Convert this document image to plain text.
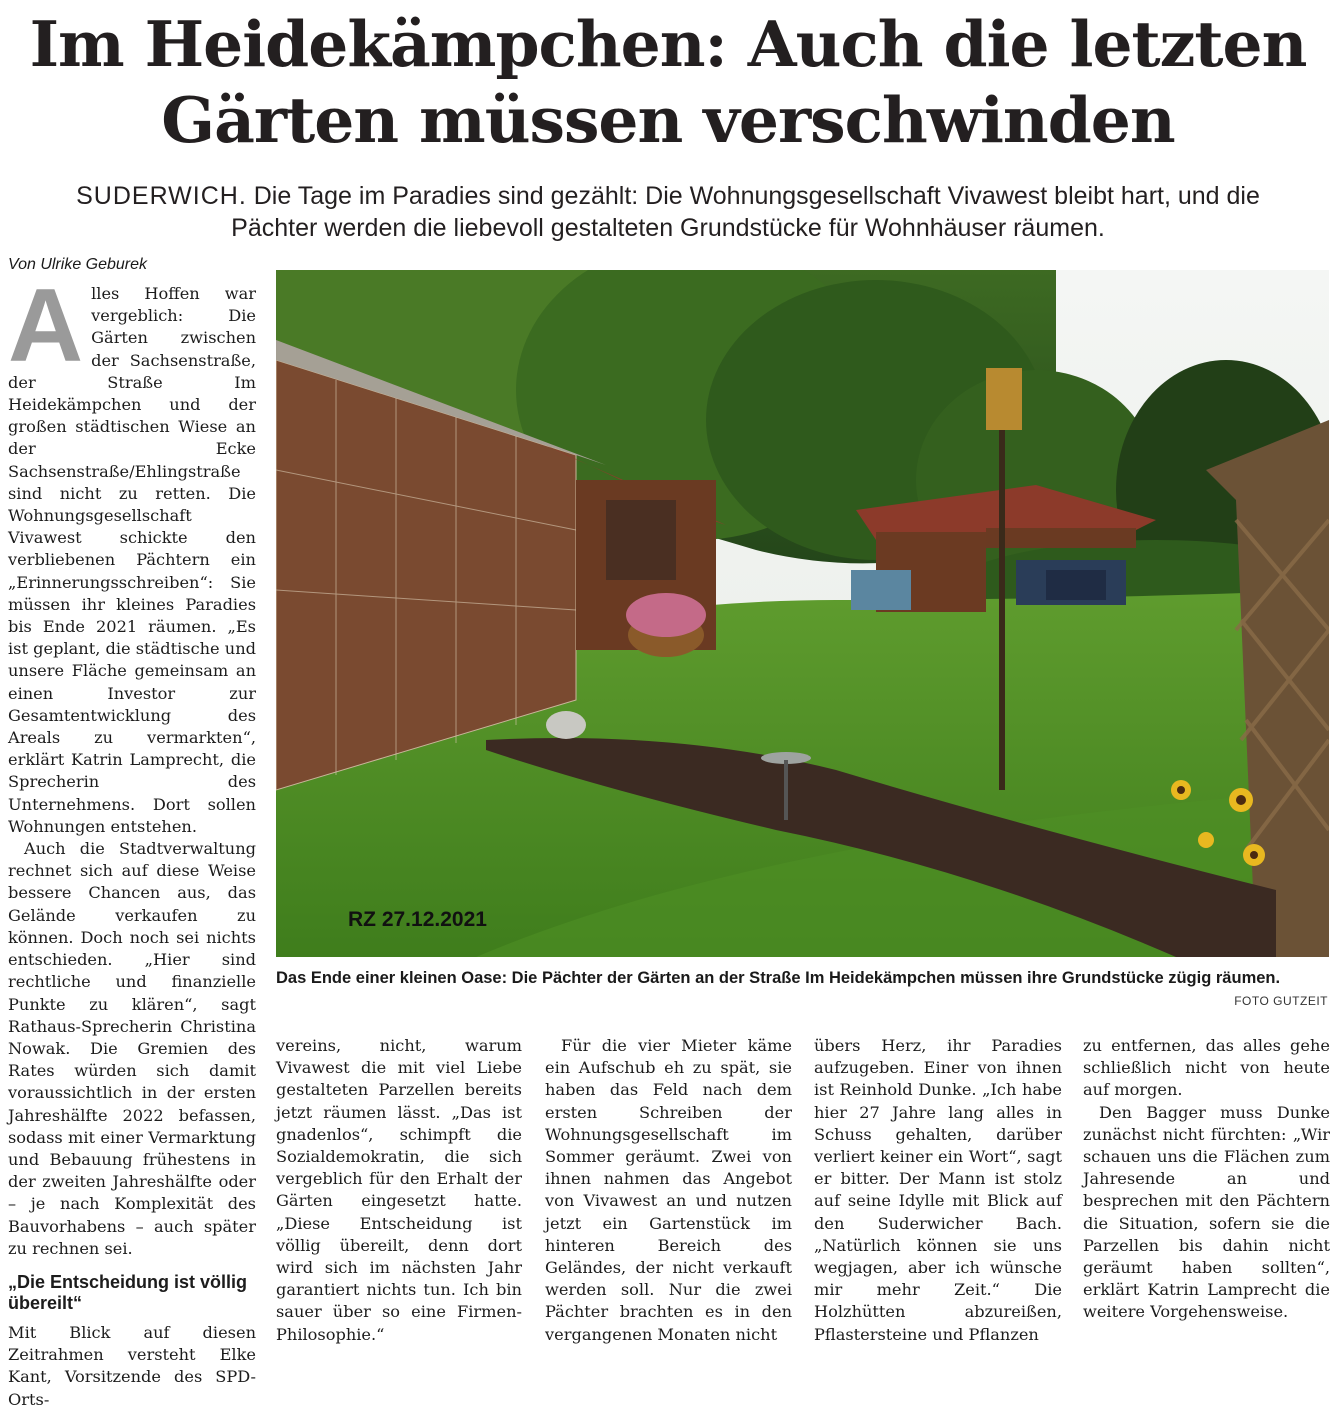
Im Heidekämpchen: Auch die letzten Gärten müssen verschwinden
SUDERWICH. Die Tage im Paradies sind gezählt: Die Wohnungsgesellschaft Vivawest bleibt hart, und die Pächter werden die liebevoll gestalteten Grundstücke für Wohnhäuser räumen.
Von Ulrike Geburek

Alles Hoffen war vergeblich: Die Gärten zwischen der Sachsenstraße, der Straße Im Heidekämpchen und der großen städtischen Wiese an der Ecke Sachsenstraße/Ehlingstraße sind nicht zu retten. Die Wohnungsgesellschaft Vivawest schickte den verbliebenen Pächtern ein „Erinnerungsschreiben“: Sie müssen ihr kleines Paradies bis Ende 2021 räumen. „Es ist geplant, die städtische und unsere Fläche gemeinsam an einen Investor zur Gesamtentwicklung des Areals zu vermarkten“, erklärt Katrin Lamprecht, die Sprecherin des Unternehmens. Dort sollen Wohnungen entstehen.

Auch die Stadtverwaltung rechnet sich auf diese Weise bessere Chancen aus, das Gelände verkaufen zu können. Doch noch sei nichts entschieden. „Hier sind rechtliche und finanzielle Punkte zu klären“, sagt Rathaus-Sprecherin Christina Nowak. Die Gremien des Rates würden sich damit voraussichtlich in der ersten Jahreshälfte 2022 befassen, sodass mit einer Vermarktung und Bebauung frühestens in der zweiten Jahreshälfte oder – je nach Komplexität des Bauvorhabens – auch später zu rechnen sei.

„Die Entscheidung ist völlig übereilt“

Mit Blick auf diesen Zeitrahmen versteht Elke Kant, Vorsitzende des SPD-Orts-

RZ 27.12.2021
Das Ende einer kleinen Oase: Die Pächter der Gärten an der Straße Im Heidekämpchen müssen ihre Grundstücke zügig räumen.
FOTO GUTZEIT

vereins, nicht, warum Vivawest die mit viel Liebe gestalteten Parzellen bereits jetzt räumen lässt. „Das ist gnadenlos“, schimpft die Sozialdemokratin, die sich vergeblich für den Erhalt der Gärten eingesetzt hatte. „Diese Entscheidung ist völlig übereilt, denn dort wird sich im nächsten Jahr garantiert nichts tun. Ich bin sauer über so eine Firmen-Philosophie.“

Für die vier Mieter käme ein Aufschub eh zu spät, sie haben das Feld nach dem ersten Schreiben der Wohnungsgesellschaft im Sommer geräumt. Zwei von ihnen nahmen das Angebot von Vivawest an und nutzen jetzt ein Gartenstück im hinteren Bereich des Geländes, der nicht verkauft werden soll. Nur die zwei Pächter brachten es in den vergangenen Monaten nicht

übers Herz, ihr Paradies aufzugeben. Einer von ihnen ist Reinhold Dunke. „Ich habe hier 27 Jahre lang alles in Schuss gehalten, darüber verliert keiner ein Wort“, sagt er bitter. Der Mann ist stolz auf seine Idylle mit Blick auf den Suderwicher Bach. „Natürlich können sie uns wegjagen, aber ich wünsche mir mehr Zeit.“ Die Holzhütten abzureißen, Pflastersteine und Pflanzen

zu entfernen, das alles gehe schließlich nicht von heute auf morgen.

Den Bagger muss Dunke zunächst nicht fürchten: „Wir schauen uns die Flächen zum Jahresende an und besprechen mit den Pächtern die Situation, sofern sie die Parzellen bis dahin nicht geräumt haben sollten“, erklärt Katrin Lamprecht die weitere Vorgehensweise.
